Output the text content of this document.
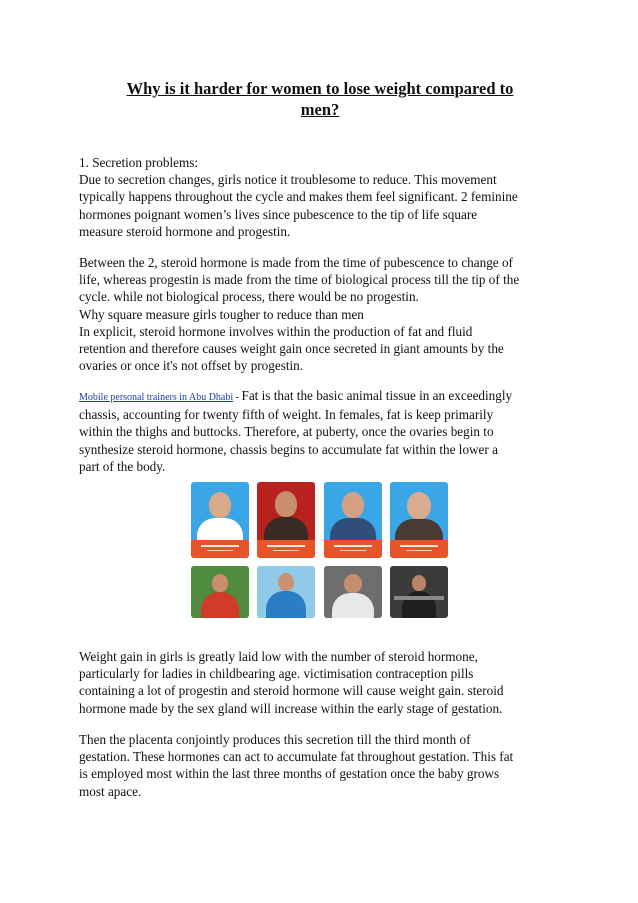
Why is it harder for women to lose weight compared to
men?
1. Secretion problems:
Due to secretion changes, girls notice it troublesome to reduce. This movement
typically happens throughout the cycle and makes them feel significant. 2 feminine
hormones poignant women’s lives since pubescence to the tip of life square
measure steroid hormone and progestin.
Between the 2, steroid hormone is made from the time of pubescence to change of
life, whereas progestin is made from the time of biological process till the tip of the
cycle. while not biological process, there would be no progestin.
Why square measure girls tougher to reduce than men
In explicit, steroid hormone involves within the production of fat and fluid
retention and therefore causes weight gain once secreted in giant amounts by the
ovaries or once it's not offset by progestin.
Mobile personal trainers in Abu Dhabi - Fat is that the basic animal tissue in an exceedingly
chassis, accounting for twenty fifth of weight. In females, fat is keep primarily
within the thighs and buttocks. Therefore, at puberty, once the ovaries begin to
synthesize steroid hormone, chassis begins to accumulate fat within the lower a
part of the body.
Weight gain in girls is greatly laid low with the number of steroid hormone,
particularly for ladies in childbearing age. victimisation contraception pills
containing a lot of progestin and steroid hormone will cause weight gain. steroid
hormone made by the sex gland will increase within the early stage of gestation.
Then the placenta conjointly produces this secretion till the third month of
gestation. These hormones can act to accumulate fat throughout gestation. This fat
is employed most within the last three months of gestation once the baby grows
most apace.
